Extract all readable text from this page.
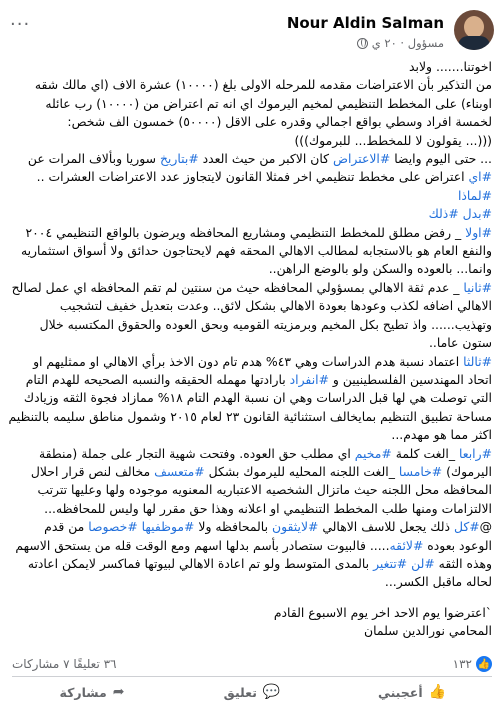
Nour Aldin Salman
مسؤول · ٢٠ ي
···

اخوتنا....... ولابد

من التذكير بأن الاعتراضات مقدمه للمرحله الاولى بلغ (١٠٠٠٠) عشرة الاف (اي مالك شقه اوبناء) على المخطط التنظيمي لمخيم اليرموك اي انه تم اعتراض من (١٠٠٠٠) رب عائله لخمسة افراد وسطي بواقع اجمالي وقدره على الاقل (٥٠٠٠٠) خمسون الف شخص:

(((... يقولون لا للمخطط... للبرموك)))

... حتى اليوم وايضا #الاعتراض كان الاكبر من حيث العدد #بتاريخ سوريا وبألاف المرات عن #اي اعتراض على مخطط تنظيمي اخر فمثلا القانون لايتجاوز عدد الاعتراضات العشرات .. #لماذا
#بدل #ذلك

#اولا _ رفض مطلق للمخطط التنظيمي ومشاريع المحافظه ويرضون بالواقع التنظيمي ٢٠٠٤ والنفع العام هو بالاستجابه لمطالب الاهالي المحقه فهم لايحتاجون حدائق ولا أسواق استثماريه وانما... بالعوده والسكن ولو بالوضع الراهن..

#ثانيا _ عدم ثقة الاهالي بمسؤولي المحافظه حيث من سنتين لم تقم المحافظه اي عمل لصالح الاهالي اضافه لكذب وعودها بعودة الاهالي بشكل لائق.. وعدت بتعديل خفيف لتشجيب وتهذيب...... واذ تطيح بكل المخيم وبرمزيته القوميه وبحق العوده والحقوق المكتسبه خلال ستون عاما..

#ثالثا اعتماد نسبة هدم الدراسات وهي ٤٣% هدم تام دون الاخذ برأي الاهالي او ممثليهم او اتحاد المهندسين الفلسطينيين و #انفراد بارادتها مهمله الحقيقه والنسبه الصحيحه للهدم التام التي توصلت هي لها قبل الدراسات وهي ان نسبة الهدم التام ١٨% ممازاد فجوة الثقه وزيادك مساحة تطبيق التنظيم بمايخالف استثنائية القانون ٢٣ لعام ٢٠١٥ وشمول مناطق سليمه بالتنظيم اكثر مما هو مهدم...

#رابعا _الغت كلمة #مخيم اي مطلب حق العوده. وفتحت شهية التجار على جملة (منطقة اليرموك) #خامسا _الغت اللجنه المحليه لليرموك بشكل #متعسف مخالف لنص قرار احلال المحافظه محل اللجنه حيث ماتزال الشخصيه الاعتباريه المعنويه موجوده ولها وعليها تترتب الالتزامات ومنها طلب المخطط التنظيمي او اعلانه وهذا حق مقرر لها وليس للمحافظه...

@#كل ذلك يجعل للاسف الاهالي #لايثقون بالمحافظه ولا #موظفيها #خصوصا من قدم الوعود بعوده #لائقه..... فالبيوت ستصادر بأسم بدلها اسهم ومع الوقت قله من يستحق الاسهم

وهذه الثقه #لن #تتغير بالمدى المتوسط ولو تم اعادة الاهالي لبيوتها فماكسر لايمكن اعادته لحاله ماقبل الكسر...

`اعترضوا يوم الاحد اخر يوم الاسبوع القادم

المحامي نورالدين سلمان

👍
١٣٢
٣٦ تعليقًا ٧ مشاركات
👍
أعجبني
💬
تعليق
➦
مشاركة
